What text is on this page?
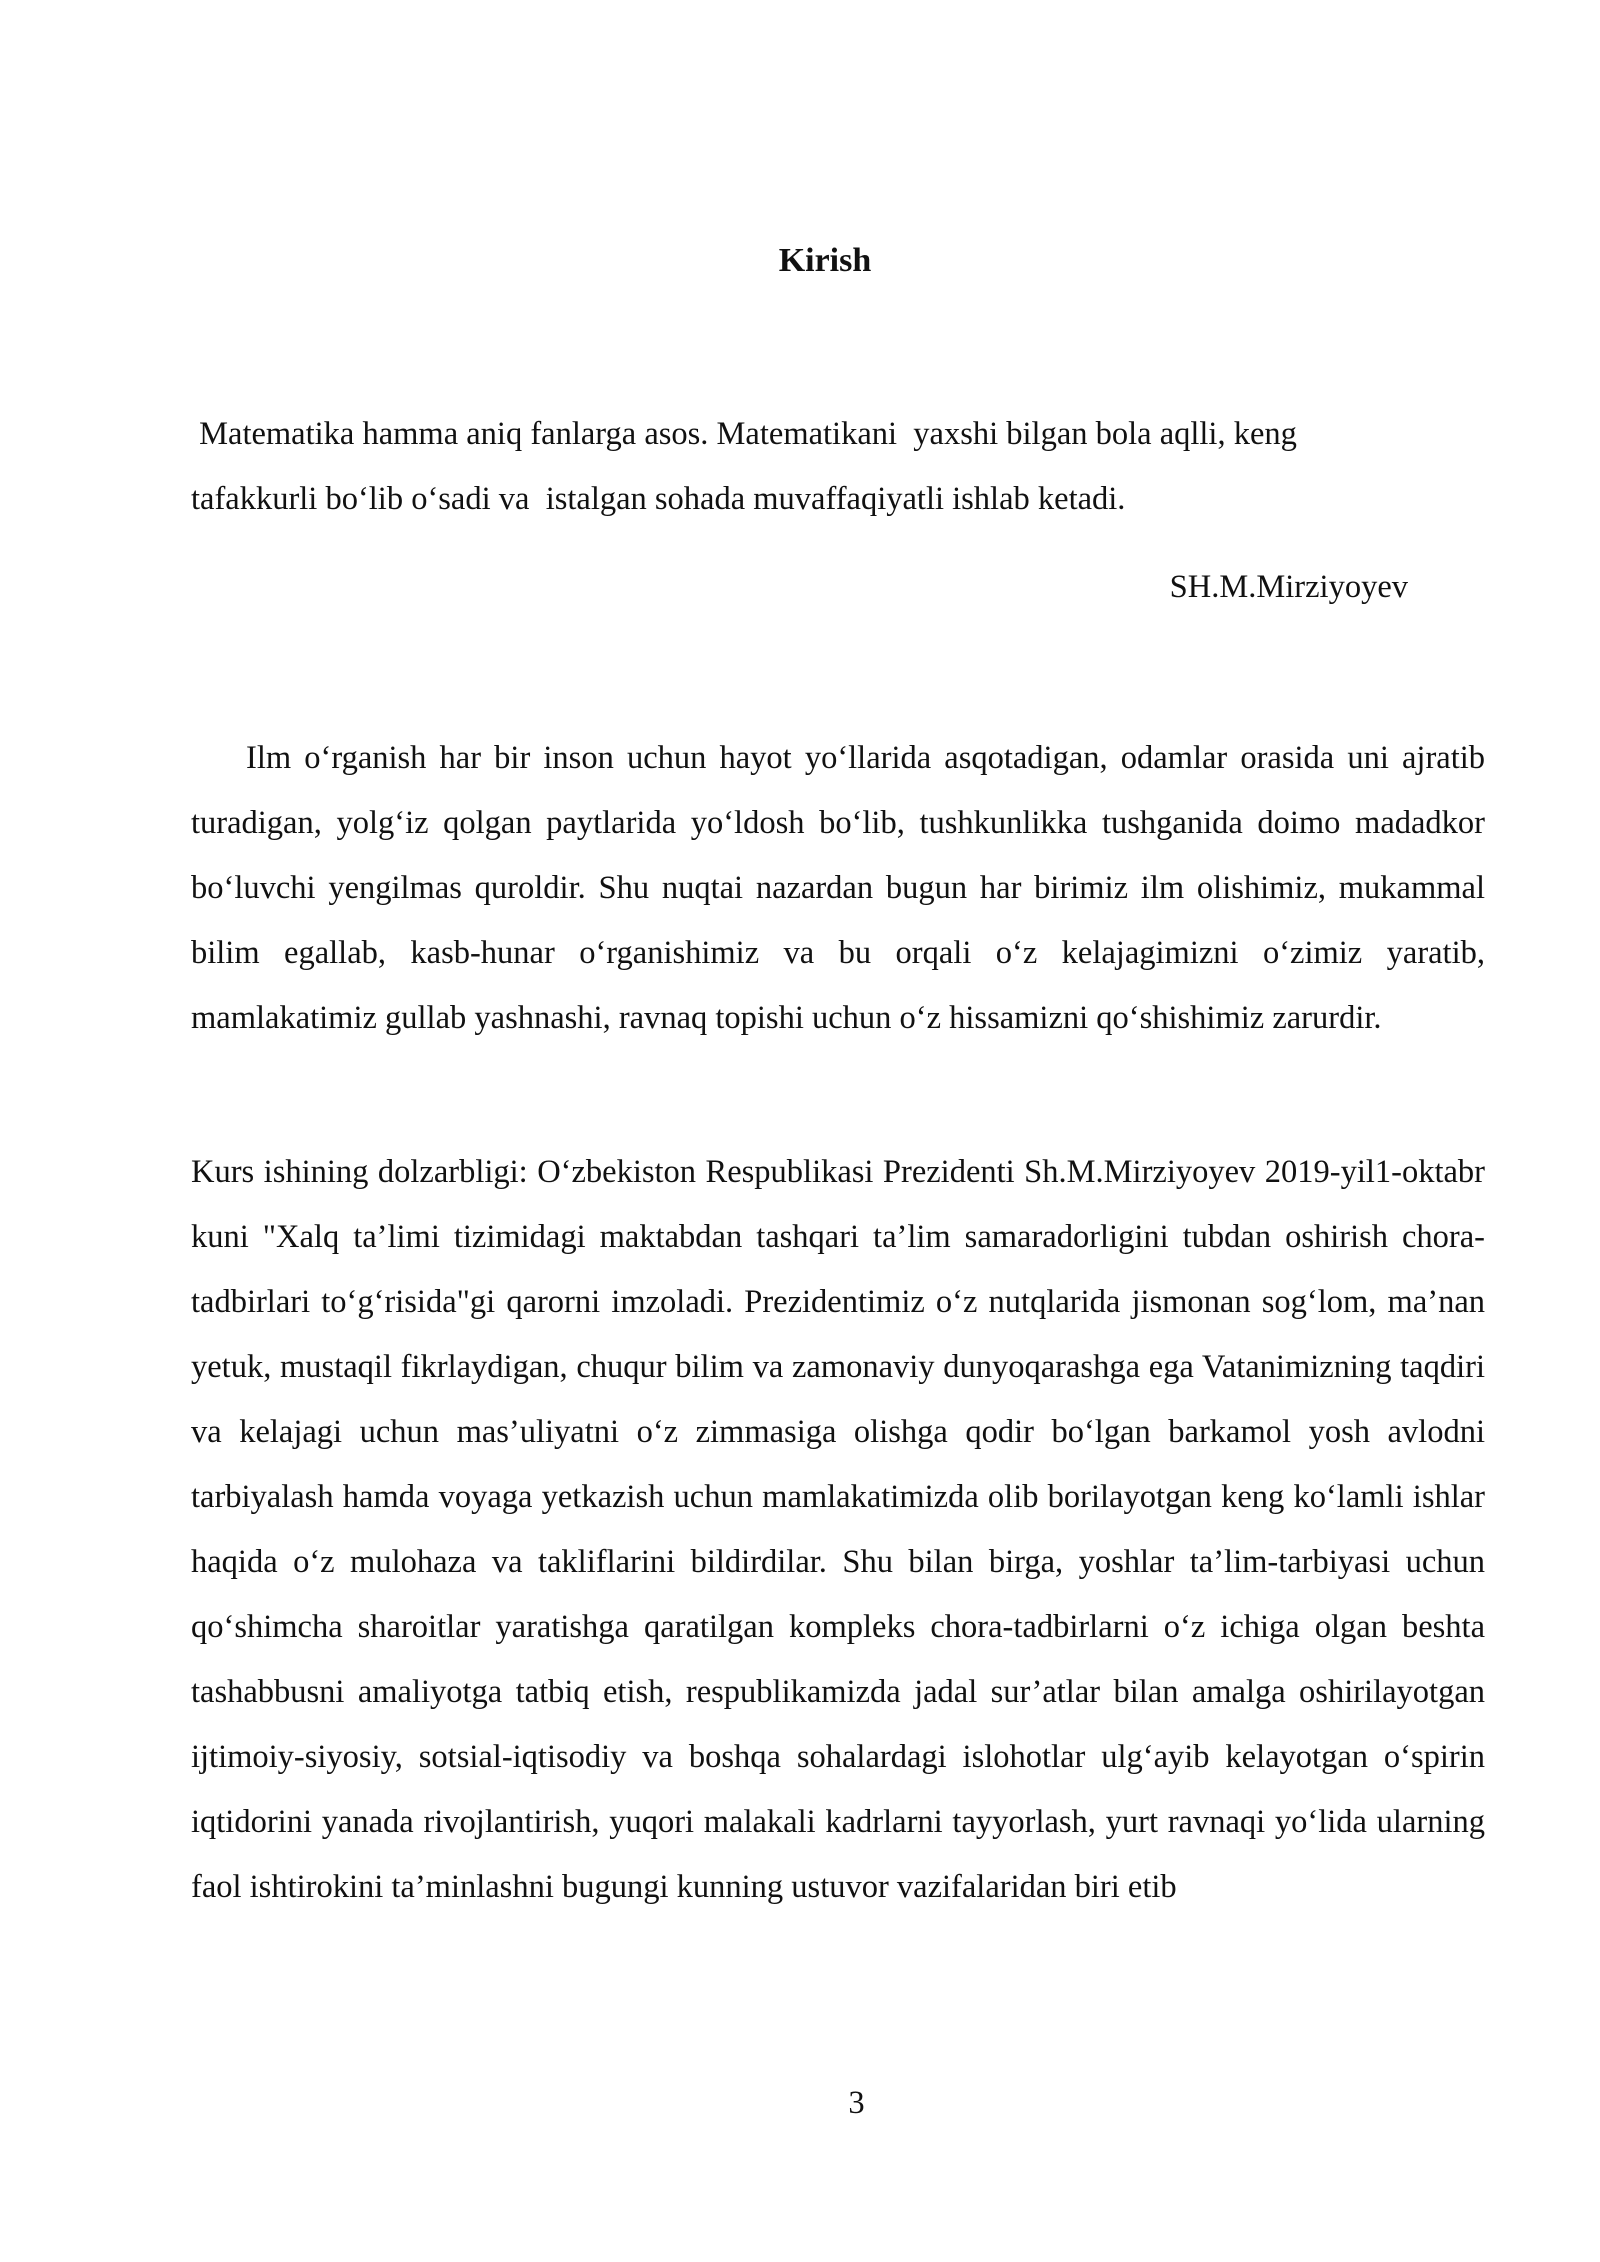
Kirish
Matematika hamma aniq fanlarga asos. Matematikani  yaxshi bilgan bola aqlli, keng
tafakkurli bo‘lib o‘sadi va  istalgan sohada muvaffaqiyatli ishlab ketadi.
SH.M.Mirziyoyev

Ilm o‘rganish har bir inson uchun hayot yo‘llarida asqotadigan, odamlar orasida uni ajratib turadigan, yolg‘iz qolgan paytlarida yo‘ldosh bo‘lib, tushkunlikka tushganida doimo madadkor bo‘luvchi yengilmas quroldir. Shu nuqtai nazardan bugun har birimiz ilm olishimiz, mukammal bilim egallab, kasb-hunar o‘rganishimiz va bu orqali o‘z kelajagimizni o‘zimiz yaratib, mamlakatimiz gullab yashnashi, ravnaq topishi uchun o‘z hissamizni qo‘shishimiz zarurdir.

Kurs ishining dolzarbligi: O‘zbekiston Respublikasi Prezidenti Sh.M.Mirziyoyev 2019-yil1-oktabr kuni "Xalq ta’limi tizimidagi maktabdan tashqari ta’lim samaradorligini tubdan oshirish chora-tadbirlari to‘g‘risida"gi qarorni imzoladi. Prezidentimiz o‘z nutqlarida jismonan sog‘lom, ma’nan yetuk, mustaqil fikrlaydigan, chuqur bilim va zamonaviy dunyoqarashga ega Vatanimizning taqdiri va kelajagi uchun mas’uliyatni o‘z zimmasiga olishga qodir bo‘lgan barkamol yosh avlodni tarbiyalash hamda voyaga yetkazish uchun mamlakatimizda olib borilayotgan keng ko‘lamli ishlar haqida o‘z mulohaza va takliflarini bildirdilar. Shu bilan birga, yoshlar ta’lim-tarbiyasi uchun qo‘shimcha sharoitlar yaratishga qaratilgan kompleks chora-tadbirlarni o‘z ichiga olgan beshta tashabbusni amaliyotga tatbiq etish, respublikamizda jadal sur’atlar bilan amalga oshirilayotgan ijtimoiy-siyosiy, sotsial-iqtisodiy va boshqa sohalardagi islohotlar ulg‘ayib kelayotgan o‘spirin iqtidorini yanada rivojlantirish, yuqori malakali kadrlarni tayyorlash, yurt ravnaqi yo‘lida ularning faol ishtirokini ta’minlashni bugungi kunning ustuvor vazifalaridan biri etib

3
